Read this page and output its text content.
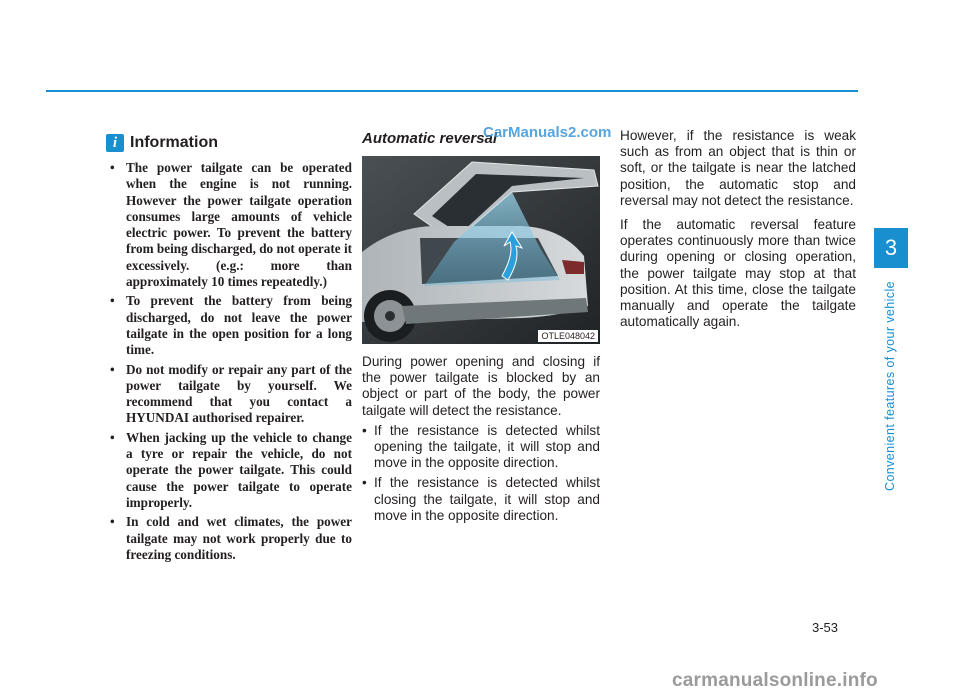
i Information
• The power tailgate can be operated when the engine is not running. However the power tailgate operation consumes large amounts of vehicle electric power. To prevent the battery from being discharged, do not operate it excessively. (e.g.: more than approximately 10 times repeatedly.)
• To prevent the battery from being discharged, do not leave the power tailgate in the open position for a long time.
• Do not modify or repair any part of the power tailgate by yourself. We recommend that you contact a HYUNDAI authorised repairer.
• When jacking up the vehicle to change a tyre or repair the vehicle, do not operate the power tailgate. This could cause the power tailgate to operate improperly.
• In cold and wet climates, the power tailgate may not work properly due to freezing conditions.
Automatic reversal
OTLE048042

During power opening and closing if the power tailgate is blocked by an object or part of the body, the power tailgate will detect the resistance.

• If the resistance is detected whilst opening the tailgate, it will stop and move in the opposite direction.
• If the resistance is detected whilst closing the tailgate, it will stop and move in the opposite direction.
CarManuals2.com However, if the resistance is weak such as from an object that is thin or soft, or the tailgate is near the latched position, the automatic stop and reversal may not detect the resistance.

If the automatic reversal feature operates continuously more than twice during opening or closing operation, the power tailgate may stop at that position. At this time, close the tailgate manually and operate the tailgate automatically again.

3
Convenient features of your vehicle
3-53
carmanualsonline.info
